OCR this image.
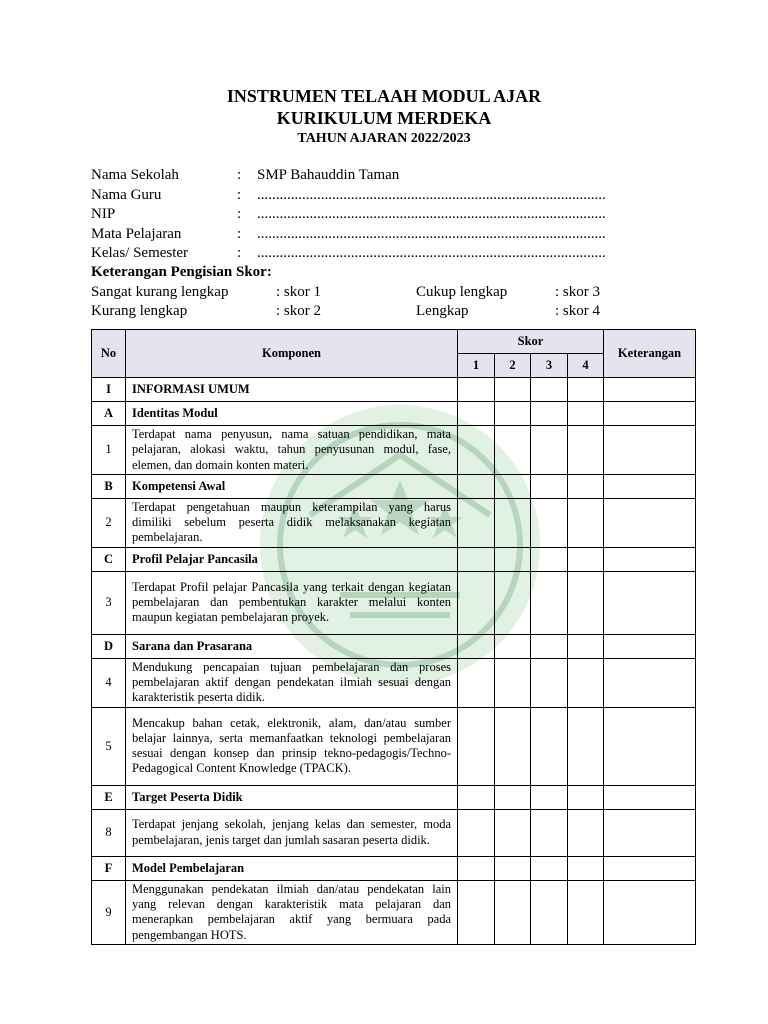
INSTRUMEN TELAAH MODUL AJAR
KURIKULUM MERDEKA
TAHUN AJARAN 2022/2023
Nama Sekolah	: SMP Bahauddin Taman
Nama Guru	: .............................................................................................
NIP	: .............................................................................................
Mata Pelajaran	: .............................................................................................
Kelas/ Semester	: .............................................................................................
Keterangan Pengisian Skor:
Sangat kurang lengkap	: skor 1	Cukup lengkap	: skor 3
Kurang lengkap	: skor 2	Lengkap	: skor 4
No	Komponen	Skor				Keterangan
		1	2	3	4	
I	INFORMASI UMUM					
A	Identitas Modul					
1	Terdapat nama penyusun, nama satuan pendidikan, mata pelajaran, alokasi waktu, tahun penyusunan modul, fase, elemen, dan domain konten materi.					
B	Kompetensi Awal					
2	Terdapat pengetahuan maupun keterampilan yang harus dimiliki sebelum peserta didik melaksanakan kegiatan pembelajaran.					
C	Profil Pelajar Pancasila					
3	Terdapat Profil pelajar Pancasila yang terkait dengan kegiatan pembelajaran dan pembentukan karakter melalui konten maupun kegiatan pembelajaran proyek.					
D	Sarana dan Prasarana					
4	Mendukung pencapaian tujuan pembelajaran dan proses pembelajaran aktif dengan pendekatan ilmiah sesuai dengan karakteristik peserta didik.					
5	Mencakup bahan cetak, elektronik, alam, dan/atau sumber belajar lainnya, serta memanfaatkan teknologi pembelajaran sesuai dengan konsep dan prinsip tekno-pedagogis/Techno-Pedagogical Content Knowledge (TPACK).					
E	Target Peserta Didik					
8	Terdapat jenjang sekolah, jenjang kelas dan semester, moda pembelajaran, jenis target dan jumlah sasaran peserta didik.					
F	Model Pembelajaran					
9	Menggunakan pendekatan ilmiah dan/atau pendekatan lain yang relevan dengan karakteristik mata pelajaran dan menerapkan pembelajaran aktif yang bermuara pada pengembangan HOTS.					
